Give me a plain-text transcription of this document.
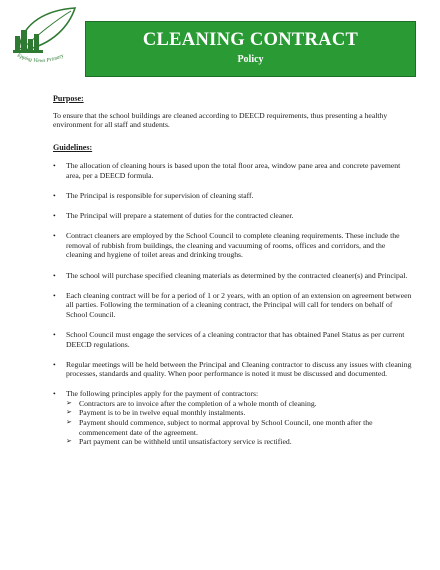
Epping Views Primary
CLEANING CONTRACT
Policy

Purpose:

To ensure that the school buildings are cleaned according to DEECD requirements, thus presenting a healthy environment for all staff and students.

Guidelines:

• The allocation of cleaning hours is based upon the total floor area, window pane area and concrete pavement area, per a DEECD formula.
• The Principal is responsible for supervision of cleaning staff.
• The Principal will prepare a statement of duties for the contracted cleaner.
• Contract cleaners are employed by the School Council to complete cleaning requirements. These include the removal of rubbish from buildings, the cleaning and vacuuming of rooms, offices and corridors, and the cleaning and hygiene of toilet areas and drinking troughs.
• The school will purchase specified cleaning materials as determined by the contracted cleaner(s) and Principal.
• Each cleaning contract will be for a period of 1 or 2 years, with an option of an extension on agreement between all parties. Following the termination of a cleaning contract, the Principal will call for tenders on behalf of School Council.
• School Council must engage the services of a cleaning contractor that has obtained Panel Status as per current DEECD regulations.
• Regular meetings will be held between the Principal and Cleaning contractor to discuss any issues with cleaning processes, standards and quality. When poor performance is noted it must be discussed and documented.
• The following principles apply for the payment of contractors:
➢ Contractors are to invoice after the completion of a whole month of cleaning.
➢ Payment is to be in twelve equal monthly instalments.
➢ Payment should commence, subject to normal approval by School Council, one month after the commencement date of the agreement.
➢ Part payment can be withheld until unsatisfactory service is rectified.
